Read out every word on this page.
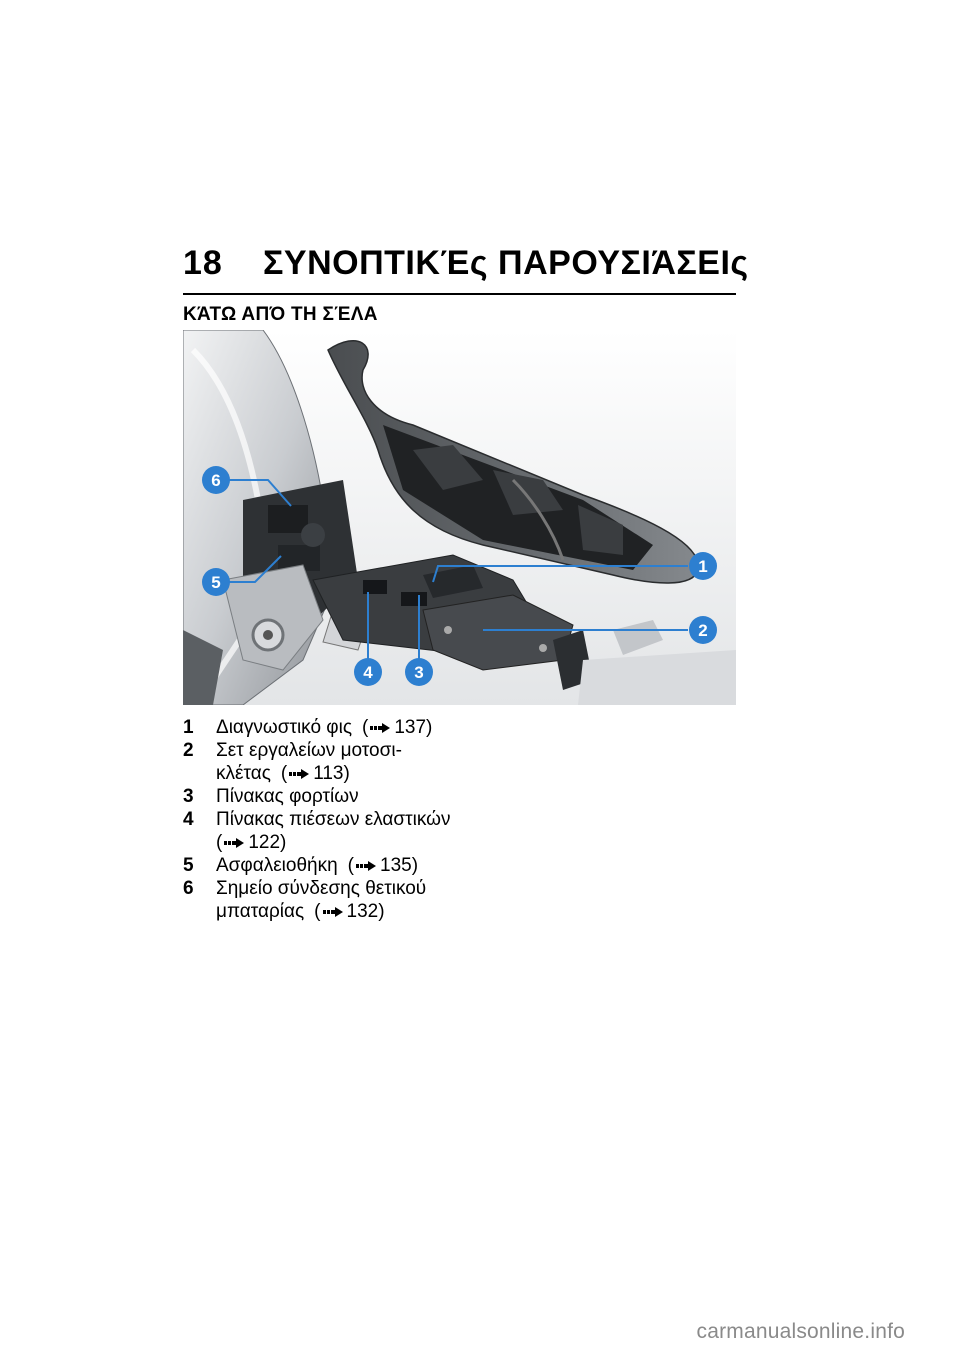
18 ΣΥΝΟΠΤΙΚΈς ΠΑΡΟΥΣΙΆΣΕΙς
ΚΆΤΩ ΑΠΌ ΤΗ ΣΈΛΑ
6
5
1
2
3
4
1	Διαγνωστικό φις ( 137)
2	Σετ εργαλείων μοτοσι-
κλέτας ( 113)
3	Πίνακας φορτίων
4	Πίνακας πιέσεων ελαστικών
( 122)
5	Ασφαλειοθήκη ( 135)
6	Σημείο σύνδεσης θετικού
μπαταρίας ( 132)
carmanualsonline.info
